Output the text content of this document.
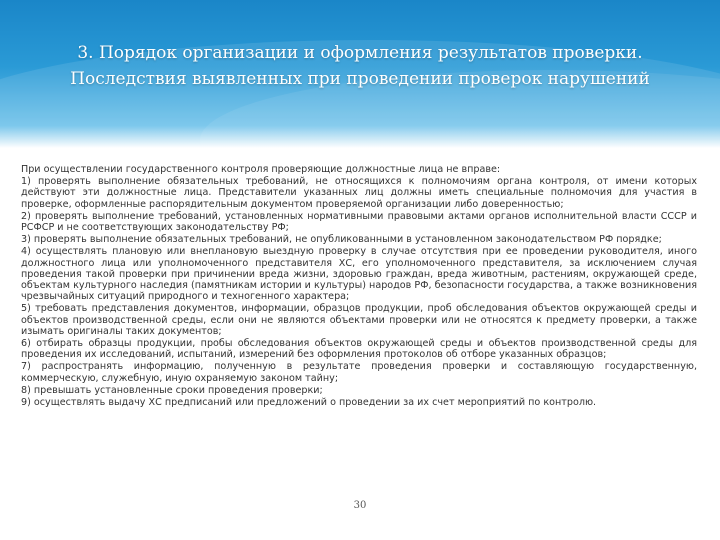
3. Порядок организации и оформления результатов проверки.
Последствия выявленных при проведении проверок нарушений

При осуществлении государственного контроля проверяющие должностные лица не вправе:

1) проверять выполнение обязательных требований, не относящихся к полномочиям органа контроля, от имени которых действуют эти должностные лица. Представители указанных лиц должны иметь специальные полномочия для участия в проверке, оформленные распорядительным документом проверяемой организации либо доверенностью;

2) проверять выполнение требований, установленных нормативными правовыми актами органов исполнительной власти СССР и РСФСР и не соответствующих законодательству РФ;

3) проверять выполнение обязательных требований, не опубликованными в установленном законодательством РФ порядке;

4) осуществлять плановую или внеплановую выездную проверку в случае отсутствия при ее проведении руководителя, иного должностного лица или уполномоченного представителя ХС, его уполномоченного представителя, за исключением случая проведения такой проверки при причинении вреда жизни, здоровью граждан, вреда животным, растениям, окружающей среде, объектам культурного наследия (памятникам истории и культуры) народов РФ, безопасности государства, а также возникновения чрезвычайных ситуаций природного и техногенного характера;

5) требовать представления документов, информации, образцов продукции, проб обследования объектов окружающей среды и объектов производственной среды, если они не являются объектами проверки или не относятся к предмету проверки, а также изымать оригиналы таких документов;

6) отбирать образцы продукции, пробы обследования объектов окружающей среды и объектов производственной среды для проведения их исследований, испытаний, измерений без оформления протоколов об отборе указанных образцов;

7) распространять информацию, полученную в результате проведения проверки и составляющую государственную, коммерческую, служебную, иную охраняемую законом тайну;

8) превышать установленные сроки проведения проверки;

9) осуществлять выдачу ХС предписаний или предложений о проведении за их счет мероприятий по контролю.

30
